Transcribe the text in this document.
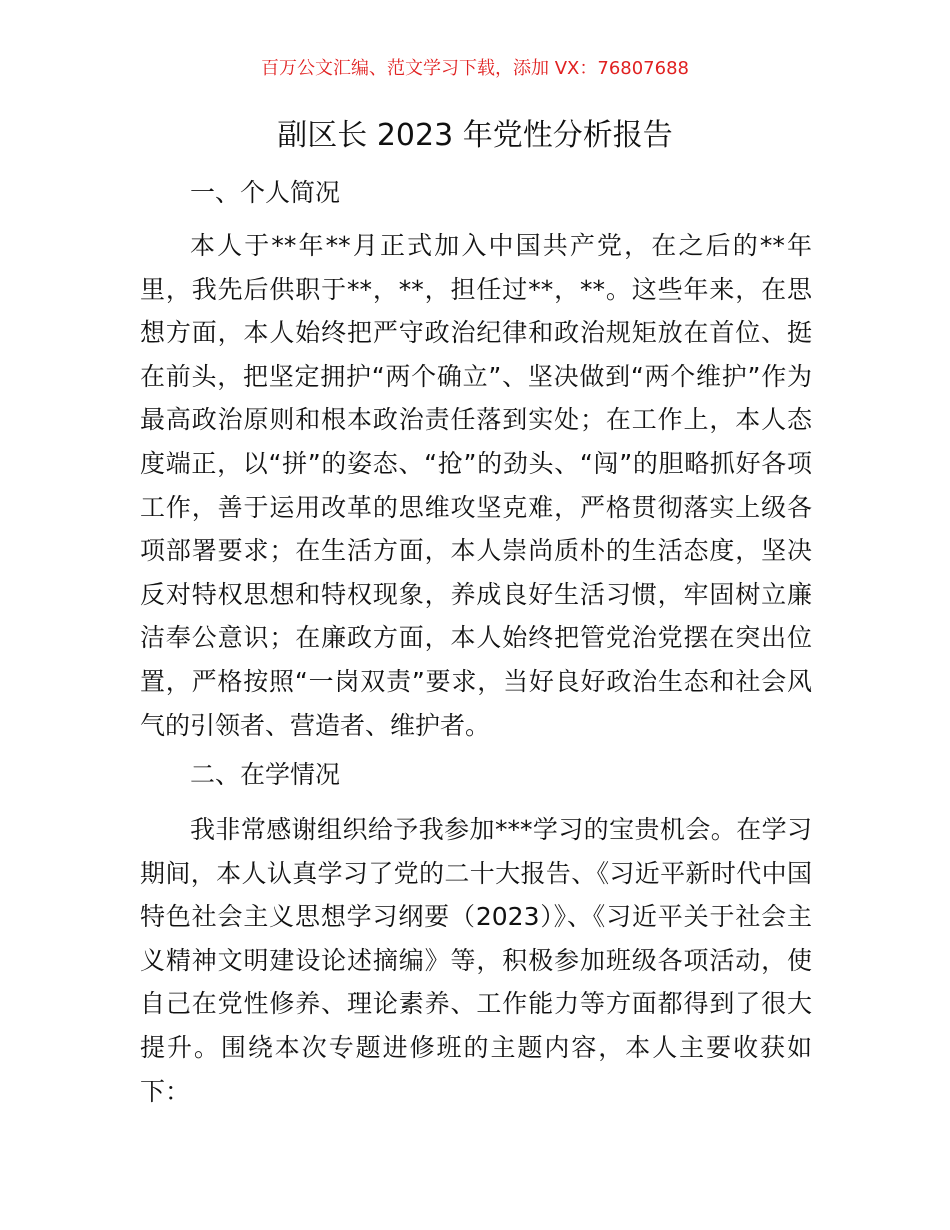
百万公文汇编、范文学习下载，添加 VX：76807688
副区长 2023 年党性分析报告
一、个人简况
本人于**年**月正式加入中国共产党，在之后的**年里，我先后供职于**，**，担任过**，**。这些年来，在思想方面，本人始终把严守政治纪律和政治规矩放在首位、挺在前头，把坚定拥护“两个确立”、坚决做到“两个维护”作为最高政治原则和根本政治责任落到实处；在工作上，本人态度端正，以“拼”的姿态、“抢”的劲头、“闯”的胆略抓好各项工作，善于运用改革的思维攻坚克难，严格贯彻落实上级各项部署要求；在生活方面，本人崇尚质朴的生活态度，坚决反对特权思想和特权现象，养成良好生活习惯，牢固树立廉洁奉公意识；在廉政方面，本人始终把管党治党摆在突出位置，严格按照“一岗双责”要求，当好良好政治生态和社会风气的引领者、营造者、维护者。
二、在学情况
我非常感谢组织给予我参加***学习的宝贵机会。在学习期间，本人认真学习了党的二十大报告、《习近平新时代中国特色社会主义思想学习纲要（2023）》、《习近平关于社会主义精神文明建设论述摘编》等，积极参加班级各项活动，使自己在党性修养、理论素养、工作能力等方面都得到了很大提升。围绕本次专题进修班的主题内容，本人主要收获如下：
